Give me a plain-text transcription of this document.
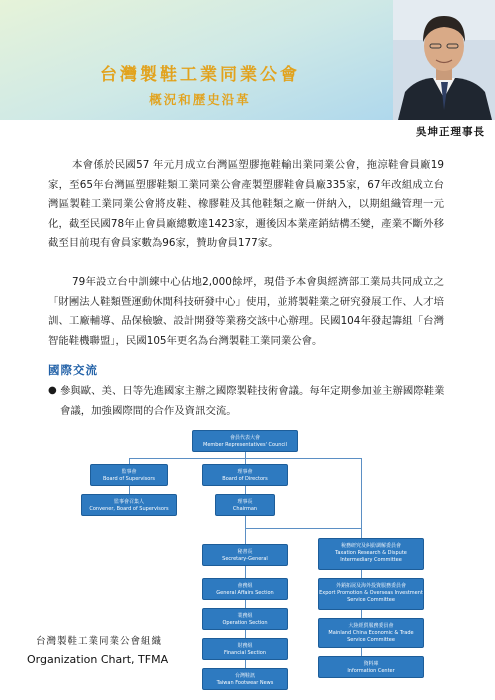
台灣製鞋工業同業公會
概況和歷史沿革
吳坤正理事長

本會係於民國57 年元月成立台灣區塑膠拖鞋輸出業同業公會，拖涼鞋會員廠19家，至65年台灣區塑膠鞋類工業同業公會產製塑膠鞋會員廠335家，67年改組成立台灣區製鞋工業同業公會將皮鞋、橡膠鞋及其他鞋類之廠一併納入，以期組織管理一元化，截至民國78年止會員廠總數達1423家，邇後因本業產銷結構丕變，產業不斷外移截至目前現有會員家數為96家，贊助會員177家。

79年設立台中訓練中心佔地2,000餘坪，現借予本會與經濟部工業局共同成立之「財團法人鞋類暨運動休閒科技研發中心」使用，並將製鞋業之研究發展工作、人才培訓、工廠輔導、品保檢驗、設計開發等業務交該中心辦理。民國104年發起籌組「台灣智能鞋機聯盟」，民國105年更名為台灣製鞋工業同業公會。

國際交流
● 參與歐、美、日等先進國家主辦之國際製鞋技術會議。每年定期參加並主辦國際鞋業會議，加強國際間的合作及資訊交流。
會員代表大會
Member Representatives' Council
監事會
Board of Supervisors
監事會召集人
Convener, Board of Supervisors
理事會
Board of Directors
理事長
Chairman
秘書長
Secretary-General
會務組
General Affairs Section
業務組
Operation Section
財務組
Financial Section
台灣鞋訊
Taiwan Footwear News
稅務研究及糾紛調解委員會
Taxation Research & Dispute Intermediary Committee
外銷拓展及海外投資服務委員會
Export Promotion & Overseas Investment Service Committee
大陸經貿服務委員會
Mainland China Economic & Trade Service Committee
資料庫
Information Center
台灣製鞋工業同業公會組織
Organization Chart, TFMA
